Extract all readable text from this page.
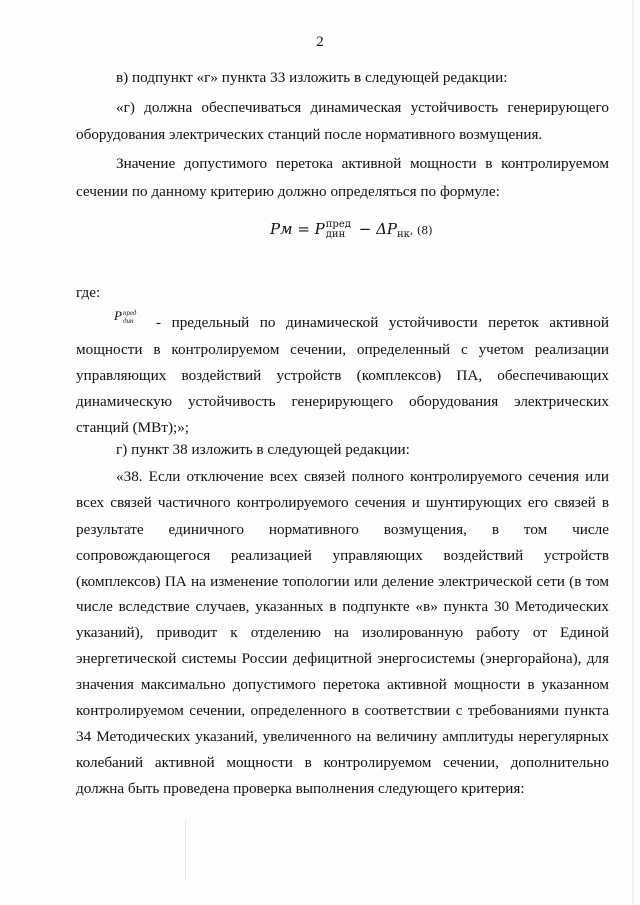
2
в) подпункт «г» пункта 33 изложить в следующей редакции:
«г) должна обеспечиваться динамическая устойчивость генерирующего
оборудования электрических станций после нормативного возмущения.
Значение допустимого перетока активной мощности в контролируемом
сечении по данному критерию должно определяться по формуле:
Pм = P пред
дин − $\Delta P_{нк}$, (8)
где:
P пред
дин - предельный по динамической устойчивости переток активной
мощности в контролируемом сечении, определенный с учетом реализации
управляющих воздействий устройств (комплексов) ПА, обеспечивающих
динамическую устойчивость генерирующего оборудования электрических
станций (МВт);»;
г) пункт 38 изложить в следующей редакции:
«38. Если отключение всех связей полного контролируемого сечения или
всех связей частичного контролируемого сечения и шунтирующих его связей в
результате единичного нормативного возмущения, в том числе
сопровождающегося реализацией управляющих воздействий устройств
(комплексов) ПА на изменение топологии или деление электрической сети (в том
числе вследствие случаев, указанных в подпункте «в» пункта 30 Методических
указаний), приводит к отделению на изолированную работу от Единой
энергетической системы России дефицитной энергосистемы (энергорайона), для
значения максимально допустимого перетока активной мощности в указанном
контролируемом сечении, определенного в соответствии с требованиями пункта
34 Методических указаний, увеличенного на величину амплитуды нерегулярных
колебаний активной мощности в контролируемом сечении, дополнительно
должна быть проведена проверка выполнения следующего критерия:
